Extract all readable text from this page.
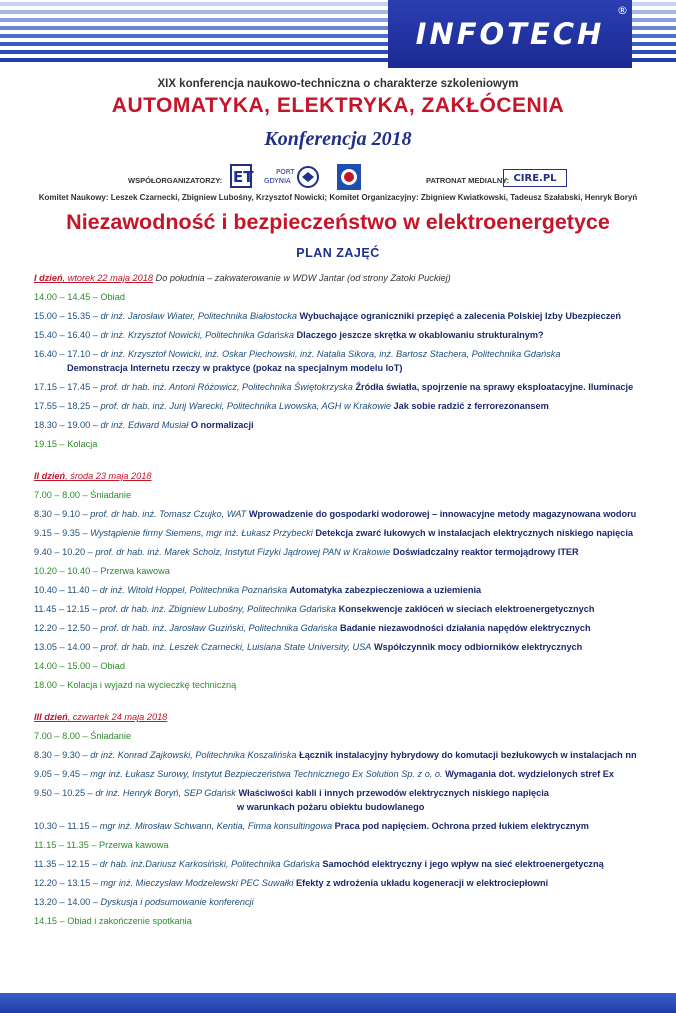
INFOTECH
®
XIX konferencja naukowo-techniczna o charakterze szkoleniowym
AUTOMATYKA, ELEKTRYKA, ZAKŁÓCENIA
Konferencja 2018
WSPÓŁORGANIZATORZY: ET	PORT
GDYNIA	PATRONAT MEDIALNY: CIRE.PL
Komitet Naukowy: Leszek Czarnecki, Zbigniew Lubośny, Krzysztof Nowicki; Komitet Organizacyjny: Zbigniew Kwiatkowski, Tadeusz Szałabski, Henryk Boryń
Niezawodność i bezpieczeństwo w elektroenergetyce
PLAN ZAJĘĆ
I dzień, wtorek 22 maja 2018 Do południa – zakwaterowanie w WDW Jantar (od strony Zatoki Puckiej)
14.00 – 14.45 – Obiad
15.00 – 15.35 – dr inż. Jarosław Wiater, Politechnika Białostocka Wybuchające ograniczniki przepięć a zalecenia Polskiej Izby Ubezpieczeń
15.40 – 16.40 – dr inż. Krzysztof Nowicki, Politechnika Gdańska Dlaczego jeszcze skrętka w okablowaniu strukturalnym?
16.40 – 17.10 – dr inż. Krzysztof Nowicki, inż. Oskar Piechowski, inż. Natalia Sikora, inż. Bartosz Stachera, Politechnika Gdańska
Demonstracja Internetu rzeczy w praktyce (pokaz na specjalnym modelu IoT)
17.15 – 17.45 – prof. dr hab. inż. Antoni Różowicz, Politechnika Świętokrzyska Źródła światła, spojrzenie na sprawy eksploatacyjne. Iluminacje
17.55 – 18.25 – prof. dr hab. inż. Jurij Warecki, Politechnika Lwowska, AGH w Krakowie Jak sobie radzić z ferrorezonansem
18.30 – 19.00 – dr inż. Edward Musiał O normalizacji
19.15 – Kolacja
II dzień, środa 23 maja 2018
7.00 – 8.00 – Śniadanie
8.30 – 9.10 – prof. dr hab. inż. Tomasz Czujko, WAT Wprowadzenie do gospodarki wodorowej – innowacyjne metody magazynowana wodoru
9.15 – 9.35 – Wystąpienie firmy Siemens, mgr inż. Łukasz Przybecki Detekcja zwarć łukowych w instalacjach elektrycznych niskiego napięcia
9.40 – 10.20 – prof. dr hab. inż. Marek Scholz, Instytut Fizyki Jądrowej PAN w Krakowie Doświadczalny reaktor termojądrowy ITER
10.20 – 10.40 – Przerwa kawowa
10.40 – 11.40 – dr inż. Witold Hoppel, Politechnika Poznańska Automatyka zabezpieczeniowa a uziemienia
11.45 – 12.15 – prof. dr hab. inż. Zbigniew Lubośny, Politechnika Gdańska Konsekwencje zakłóceń w sieciach elektroenergetycznych
12.20 – 12.50 – prof. dr hab. inż. Jarosław Guziński, Politechnika Gdańska Badanie niezawodności działania napędów elektrycznych
13.05 – 14.00 – prof. dr hab. inż. Leszek Czarnecki, Luisiana State University, USA Współczynnik mocy odbiorników elektrycznych
14.00 – 15.00 – Obiad
18.00 – Kolacja i wyjazd na wycieczkę techniczną
III dzień, czwartek 24 maja 2018
7.00 – 8.00 – Śniadanie
8.30 – 9.30 – dr inż. Konrad Zajkowski, Politechnika Koszalińska Łącznik instalacyjny hybrydowy do komutacji bezłukowych w instalacjach nn
9.05 – 9.45 – mgr inż. Łukasz Surowy, Instytut Bezpieczeństwa Technicznego Ex Solution Sp. z o. o. Wymagania dot. wydzielonych stref Ex
9.50 – 10.25 – dr inż. Henryk Boryń, SEP Gdańsk Właściwości kabli i innych przewodów elektrycznych niskiego napięcia
w warunkach pożaru obiektu budowlanego
10.30 – 11.15 – mgr inż. Mirosław Schwann, Kentia, Firma konsultingowa Praca pod napięciem. Ochrona przed łukiem elektrycznym
11.15 – 11.35 – Przerwa kawowa
11.35 – 12.15 – dr hab. inż.Dariusz Karkosiński, Politechnika Gdańska Samochód elektryczny i jego wpływ na sieć elektroenergetyczną
12.20 – 13.15 – mgr inż. Mieczysław Modzelewski PEC Suwałki Efekty z wdrożenia układu kogeneracji w elektrociepłowni
13.20 – 14.00 – Dyskusja i podsumowanie konferencji
14.15 – Obiad i zakończenie spotkania
